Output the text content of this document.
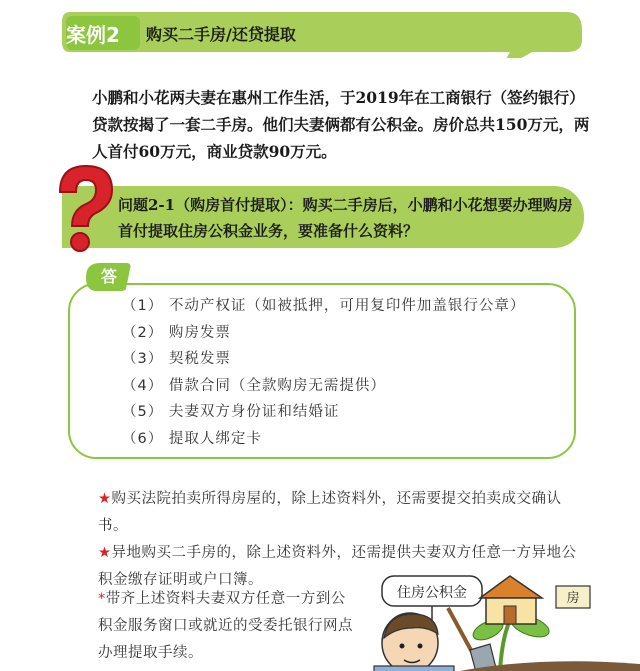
案例2	购买二手房/还贷提取
小鹏和小花两夫妻在惠州工作生活，于2019年在工商银行（签约银行）贷款按揭了一套二手房。他们夫妻俩都有公积金。房价总共150万元，两人首付60万元，商业贷款90万元。
问题2-1（购房首付提取）：购买二手房后，小鹏和小花想要办理购房首付提取住房公积金业务，要准备什么资料？
答
（1） 不动产权证（如被抵押，可用复印件加盖银行公章）
（2） 购房发票
（3） 契税发票
（4） 借款合同（全款购房无需提供）
（5） 夫妻双方身份证和结婚证
（6） 提取人绑定卡
★购买法院拍卖所得房屋的，除上述资料外，还需要提交拍卖成交确认书。
★异地购买二手房的，除上述资料外，还需提供夫妻双方任意一方异地公积金缴存证明或户口簿。
*带齐上述资料夫妻双方任意一方到公积金服务窗口或就近的受委托银行网点办理提取手续。
住房公积金	房
